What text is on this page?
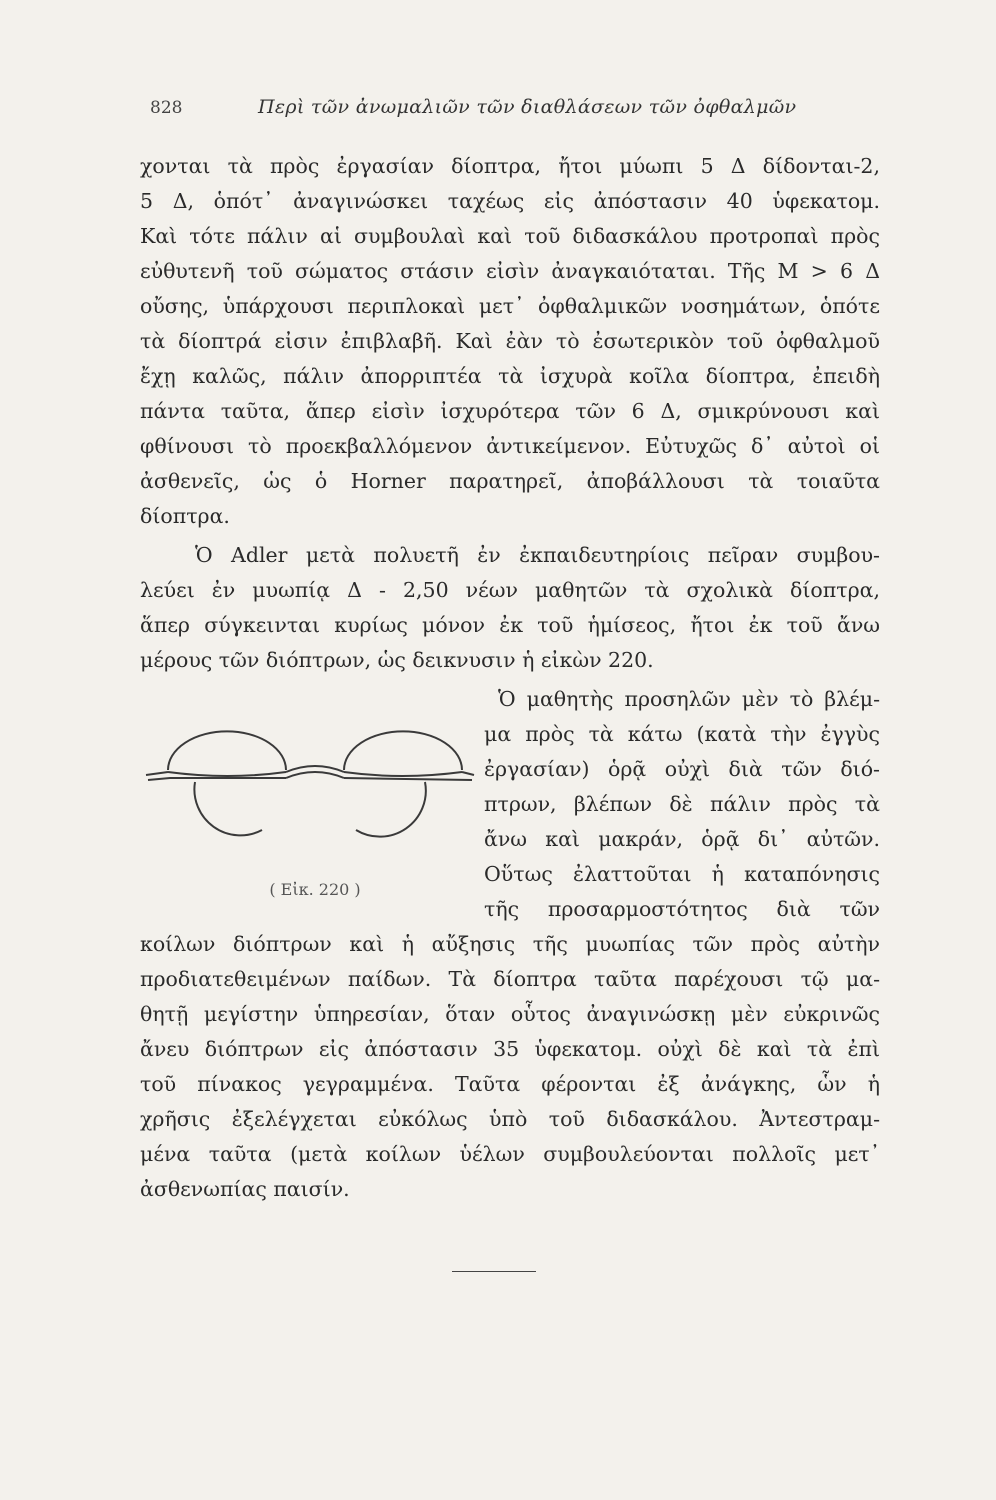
828	Περὶ τῶν ἀνωμαλιῶν τῶν διαθλάσεων τῶν ὀφθαλμῶν
χονται τὰ πρὸς ἐργασίαν δίοπτρα, ἤτοι μύωπι 5 Δ δίδονται-2,
5 Δ, ὁπότ᾽ ἀναγινώσκει ταχέως εἰς ἀπόστασιν 40 ὑφεκατομ.
Καὶ τότε πάλιν αἱ συμβουλαὶ καὶ τοῦ διδασκάλου προτροπαὶ πρὸς
εὐθυτενῆ τοῦ σώματος στάσιν εἰσὶν ἀναγκαιόταται. Τῆς Μ > 6 Δ
οὔσης, ὑπάρχουσι περιπλοκαὶ μετ᾽ ὀφθαλμικῶν νοσημάτων, ὁπότε
τὰ δίοπτρά εἰσιν ἐπιβλαβῆ. Καὶ ἐὰν τὸ ἐσωτερικὸν τοῦ ὀφθαλμοῦ
ἔχῃ καλῶς, πάλιν ἀπορριπτέα τὰ ἰσχυρὰ κοῖλα δίοπτρα, ἐπειδὴ
πάντα ταῦτα, ἅπερ εἰσὶν ἰσχυρότερα τῶν 6 Δ, σμικρύνουσι καὶ
φθίνουσι τὸ προεκβαλλόμενον ἀντικείμενον. Εὐτυχῶς δ᾽ αὐτοὶ οἱ
ἀσθενεῖς, ὡς ὁ Horner παρατηρεῖ, ἀποβάλλουσι τὰ τοιαῦτα
δίοπτρα.
Ὁ Adler μετὰ πολυετῆ ἐν ἐκπαιδευτηρίοις πεῖραν συμβου-
λεύει ἐν μυωπίᾳ Δ - 2,50 νέων μαθητῶν τὰ σχολικὰ δίοπτρα,
ἅπερ σύγκεινται κυρίως μόνον ἐκ τοῦ ἡμίσεος, ἤτοι ἐκ τοῦ ἄνω
μέρους τῶν διόπτρων, ὡς δεικνυσιν ἡ εἰκὼν 220.
Ὁ μαθητὴς προσηλῶν μὲν τὸ βλέμ-
μα πρὸς τὰ κάτω (κατὰ τὴν ἐγγὺς
ἐργασίαν) ὁρᾷ οὐχὶ διὰ τῶν διό-
πτρων, βλέπων δὲ πάλιν πρὸς τὰ
ἄνω καὶ μακράν, ὁρᾷ δι᾽ αὐτῶν.
Οὕτως ἐλαττοῦται ἡ καταπόνησις
τῆς προσαρμοστότητος διὰ τῶν
κοίλων διόπτρων καὶ ἡ αὔξησις τῆς μυωπίας τῶν πρὸς αὐτὴν
προδιατεθειμένων παίδων. Τὰ δίοπτρα ταῦτα παρέχουσι τῷ μα-
θητῇ μεγίστην ὑπηρεσίαν, ὅταν οὗτος ἀναγινώσκῃ μὲν εὐκρινῶς
ἄνευ διόπτρων εἰς ἀπόστασιν 35 ὑφεκατομ. οὐχὶ δὲ καὶ τὰ ἐπὶ
τοῦ πίνακος γεγραμμένα. Ταῦτα φέρονται ἐξ ἀνάγκης, ὧν ἡ
χρῆσις ἐξελέγχεται εὐκόλως ὑπὸ τοῦ διδασκάλου. Ἀντεστραμ-
μένα ταῦτα (μετὰ κοίλων ὑέλων συμβουλεύονται πολλοῖς μετ᾽
ἀσθενωπίας παισίν.
( Εἰκ. 220 )
